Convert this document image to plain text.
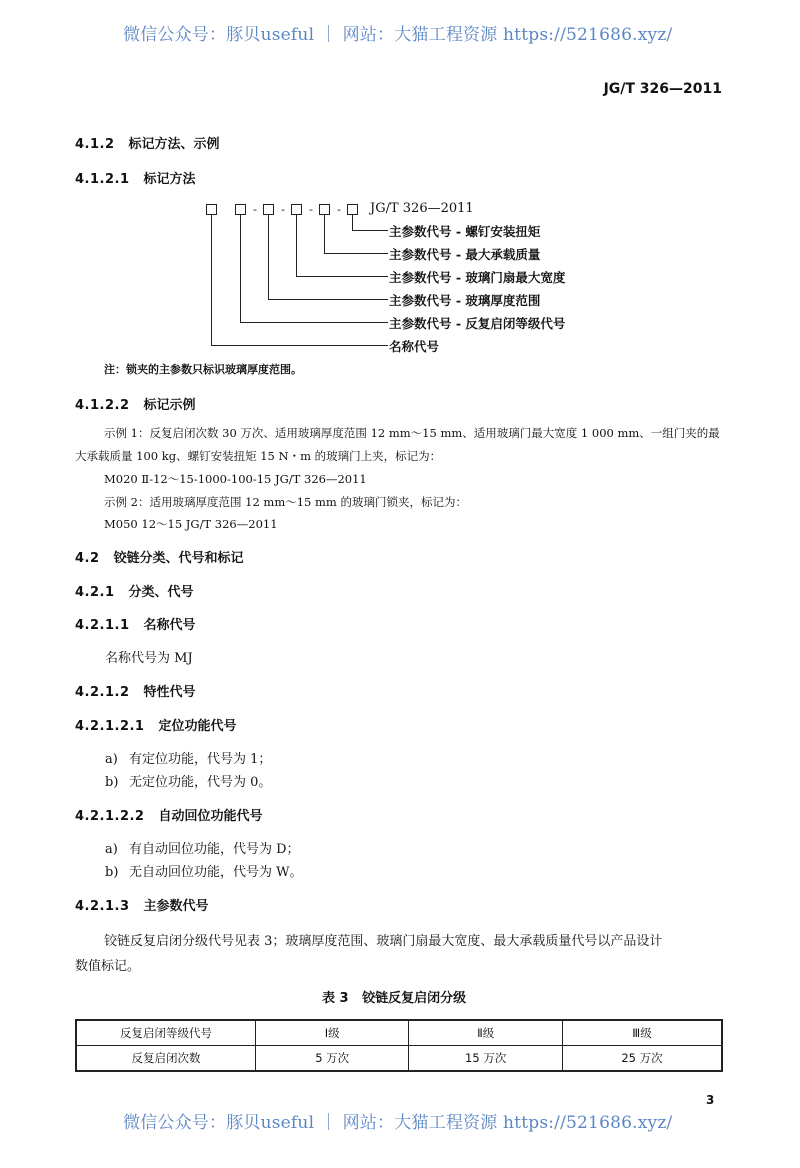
微信公众号：豚贝useful ｜ 网站：大猫工程资源 https://521686.xyz/
JG/T 326—2011
4.1.2 标记方法、示例
4.1.2.1 标记方法
- - - - JG/T 326—2011
主参数代号 - 螺钉安装扭矩
主参数代号 - 最大承载质量
主参数代号 - 玻璃门扇最大宽度
主参数代号 - 玻璃厚度范围
主参数代号 - 反复启闭等级代号
名称代号
注：锁夹的主参数只标识玻璃厚度范围。
4.1.2.2 标记示例
示例 1：反复启闭次数 30 万次、适用玻璃厚度范围 12 mm～15 mm、适用玻璃门最大宽度 1 000 mm、一组门夹的最
大承载质量 100 kg、螺钉安装扭矩 15 N・m 的玻璃门上夹，标记为：
M020 Ⅱ-12～15-1000-100-15 JG/T 326—2011
示例 2：适用玻璃厚度范围 12 mm～15 mm 的玻璃门锁夹，标记为：
M050 12～15 JG/T 326—2011
4.2 铰链分类、代号和标记
4.2.1 分类、代号
4.2.1.1 名称代号
名称代号为 MJ
4.2.1.2 特性代号
4.2.1.2.1 定位功能代号
a) 有定位功能，代号为 1；
b) 无定位功能，代号为 0。
4.2.1.2.2 自动回位功能代号
a) 有自动回位功能，代号为 D；
b) 无自动回位功能，代号为 W。
4.2.1.3 主参数代号
铰链反复启闭分级代号见表 3；玻璃厚度范围、玻璃门扇最大宽度、最大承载质量代号以产品设计
数值标记。
表 3   铰链反复启闭分级
反复启闭等级代号	Ⅰ级	Ⅱ级	Ⅲ级
反复启闭次数	5 万次	15 万次	25 万次
3
微信公众号：豚贝useful ｜ 网站：大猫工程资源 https://521686.xyz/
